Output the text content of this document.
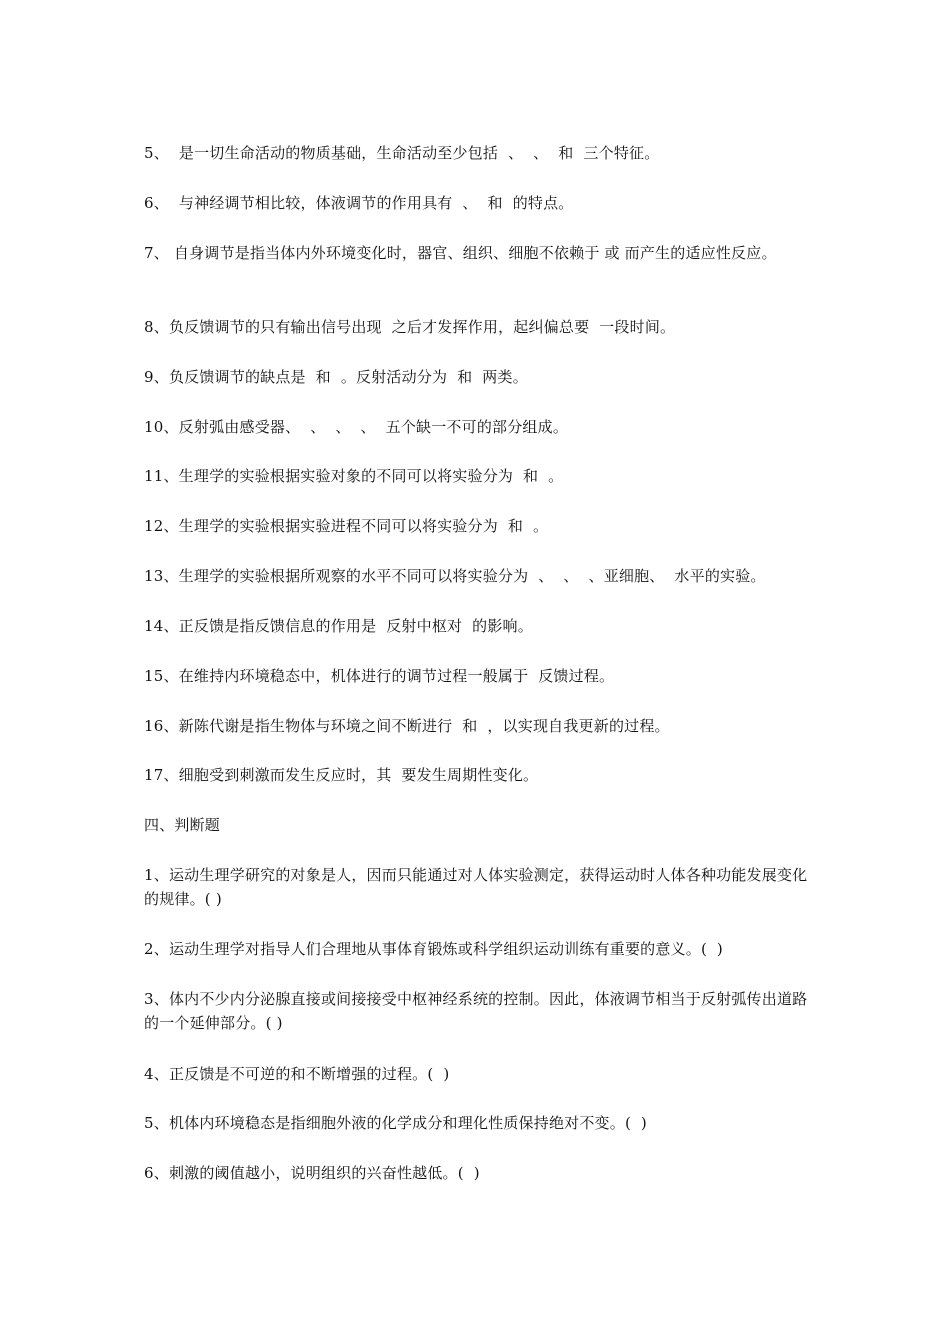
5、  是一切生命活动的物质基础，生命活动至少包括  、  、  和  三个特征。
6、  与神经调节相比较，体液调节的作用具有  、  和  的特点。
7、 自身调节是指当体内外环境变化时，器官、组织、细胞不依赖于 或 而产生的适应性反应。
8、负反馈调节的只有输出信号出现  之后才发挥作用，起纠偏总要  一段时间。
9、负反馈调节的缺点是  和  。反射活动分为  和  两类。
10、反射弧由感受器、  、  、  、  五个缺一不可的部分组成。
11、生理学的实验根据实验对象的不同可以将实验分为  和  。
12、生理学的实验根据实验进程不同可以将实验分为  和  。
13、生理学的实验根据所观察的水平不同可以将实验分为  、  、  、亚细胞、  水平的实验。
14、正反馈是指反馈信息的作用是  反射中枢对  的影响。
15、在维持内环境稳态中，机体进行的调节过程一般属于  反馈过程。
16、新陈代谢是指生物体与环境之间不断进行  和  ，以实现自我更新的过程。
17、细胞受到刺激而发生反应时，其  要发生周期性变化。
四、判断题
1、运动生理学研究的对象是人，因而只能通过对人体实验测定，获得运动时人体各种功能发展变化的规律。( )
2、运动生理学对指导人们合理地从事体育锻炼或科学组织运动训练有重要的意义。(  )
3、体内不少内分泌腺直接或间接接受中枢神经系统的控制。因此，体液调节相当于反射弧传出道路的一个延伸部分。( )
4、正反馈是不可逆的和不断增强的过程。(  )
5、机体内环境稳态是指细胞外液的化学成分和理化性质保持绝对不变。(  )
6、刺激的阈值越小，说明组织的兴奋性越低。(  )
